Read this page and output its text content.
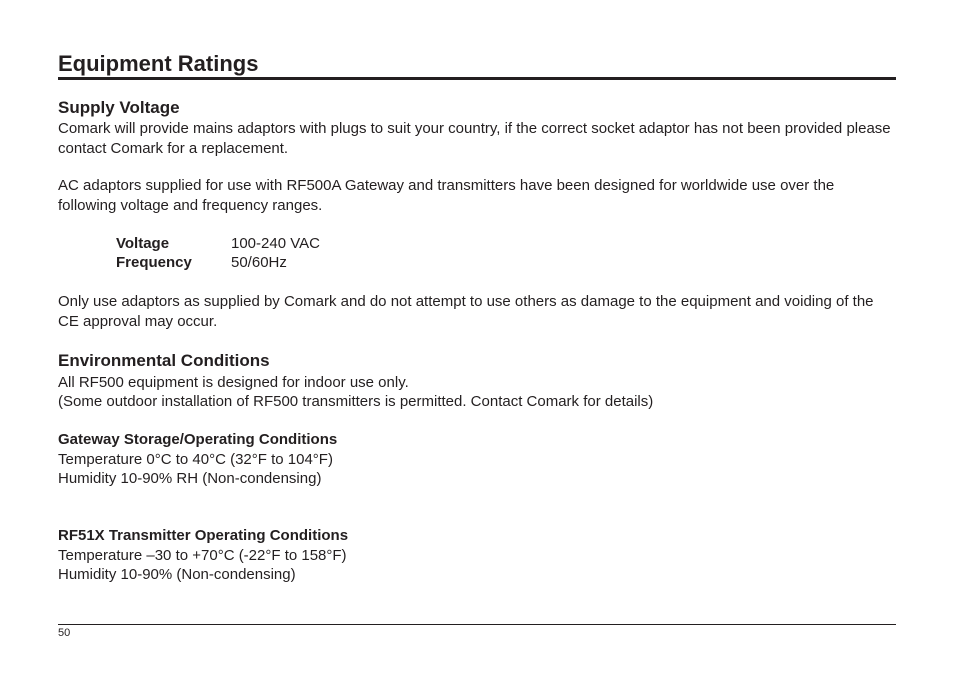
Equipment Ratings
Supply Voltage

Comark will provide mains adaptors with plugs to suit your country, if the correct socket adaptor has not been provided please contact Comark for a replacement.

AC adaptors supplied for use with RF500A Gateway and transmitters have been designed for worldwide use over the following voltage and frequency ranges.

Voltage	100-240 VAC
Frequency	50/60Hz

Only use adaptors as supplied by Comark and do not attempt to use others as damage to the equipment and voiding of the CE approval may occur.

Environmental Conditions
All RF500 equipment is designed for indoor use only.
(Some outdoor installation of RF500 transmitters is permitted. Contact Comark for details)
Gateway Storage/Operating Conditions
Temperature 0°C to 40°C (32°F to 104°F)
Humidity 10-90% RH (Non-condensing)
RF51X Transmitter Operating Conditions
Temperature –30 to +70°C (-22°F to 158°F)
Humidity 10-90% (Non-condensing)
50
